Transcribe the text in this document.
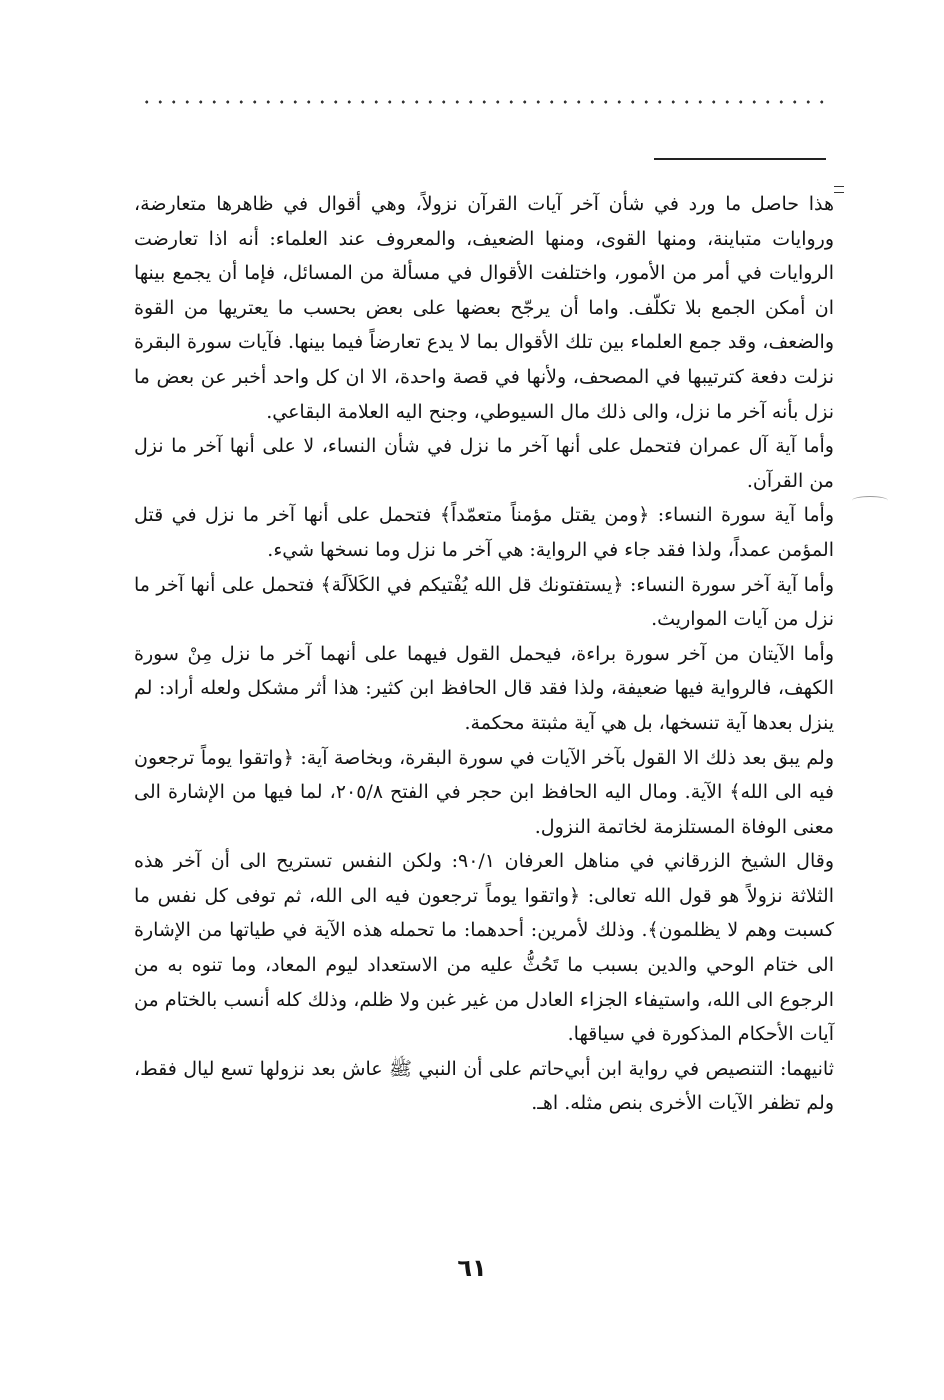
هذا حاصل ما ورد في شأن آخر آيات القرآن نزولاً، وهي أقوال في ظاهرها متعارضة، وروايات متباينة، ومنها القوى، ومنها الضعيف، والمعروف عند العلماء: أنه اذا تعارضت الروايات في أمر من الأمور، واختلفت الأقوال في مسألة من المسائل، فإما أن يجمع بينها ان أمكن الجمع بلا تكلّف. واما أن يرجّح بعضها على بعض بحسب ما يعتريها من القوة والضعف، وقد جمع العلماء بين تلك الأقوال بما لا يدع تعارضاً فيما بينها. فآيات سورة البقرة نزلت دفعة كترتيبها في المصحف، ولأنها في قصة واحدة، الا ان كل واحد أخبر عن بعض ما نزل بأنه آخر ما نزل، والى ذلك مال السيوطي، وجنح اليه العلامة البقاعي.

وأما آية آل عمران فتحمل على أنها آخر ما نزل في شأن النساء، لا على أنها آخر ما نزل من القرآن.

وأما آية سورة النساء: ﴿ومن يقتل مؤمناً متعمّداً﴾ فتحمل على أنها آخر ما نزل في قتل المؤمن عمداً، ولذا فقد جاء في الرواية: هي آخر ما نزل وما نسخها شيء.

وأما آية آخر سورة النساء: ﴿يستفتونك قل الله يُفْتيكم في الكَلاَلَة﴾ فتحمل على أنها آخر ما نزل من آيات المواريث.

وأما الآيتان من آخر سورة براءة، فيحمل القول فيهما على أنهما آخر ما نزل مِنْ سورة الكهف، فالرواية فيها ضعيفة، ولذا فقد قال الحافظ ابن كثير: هذا أثر مشكل ولعله أراد: لم ينزل بعدها آية تنسخها، بل هي آية مثبتة محكمة.

ولم يبق بعد ذلك الا القول بآخر الآيات في سورة البقرة، وبخاصة آية: ﴿واتقوا يوماً ترجعون فيه الى الله﴾ الآية. ومال اليه الحافظ ابن حجر في الفتح ٢٠٥/٨، لما فيها من الإشارة الى معنى الوفاة المستلزمة لخاتمة النزول.

وقال الشيخ الزرقاني في مناهل العرفان ٩٠/١: ولكن النفس تستريح الى أن آخر هذه الثلاثة نزولاً هو قول الله تعالى: ﴿واتقوا يوماً ترجعون فيه الى الله، ثم توفى كل نفس ما كسبت وهم لا يظلمون﴾. وذلك لأمرين: أحدهما: ما تحمله هذه الآية في طياتها من الإشارة الى ختام الوحي والدين بسبب ما تَحُثُّ عليه من الاستعداد ليوم المعاد، وما تنوه به من الرجوع الى الله، واستيفاء الجزاء العادل من غير غبن ولا ظلم، وذلك كله أنسب بالختام من آيات الأحكام المذكورة في سياقها.

ثانيهما: التنصيص في رواية ابن أبي‌حاتم على أن النبي ﷺ عاش بعد نزولها تسع ليال فقط، ولم تظفر الآيات الأخرى بنص مثله. اهـ.

٦١
